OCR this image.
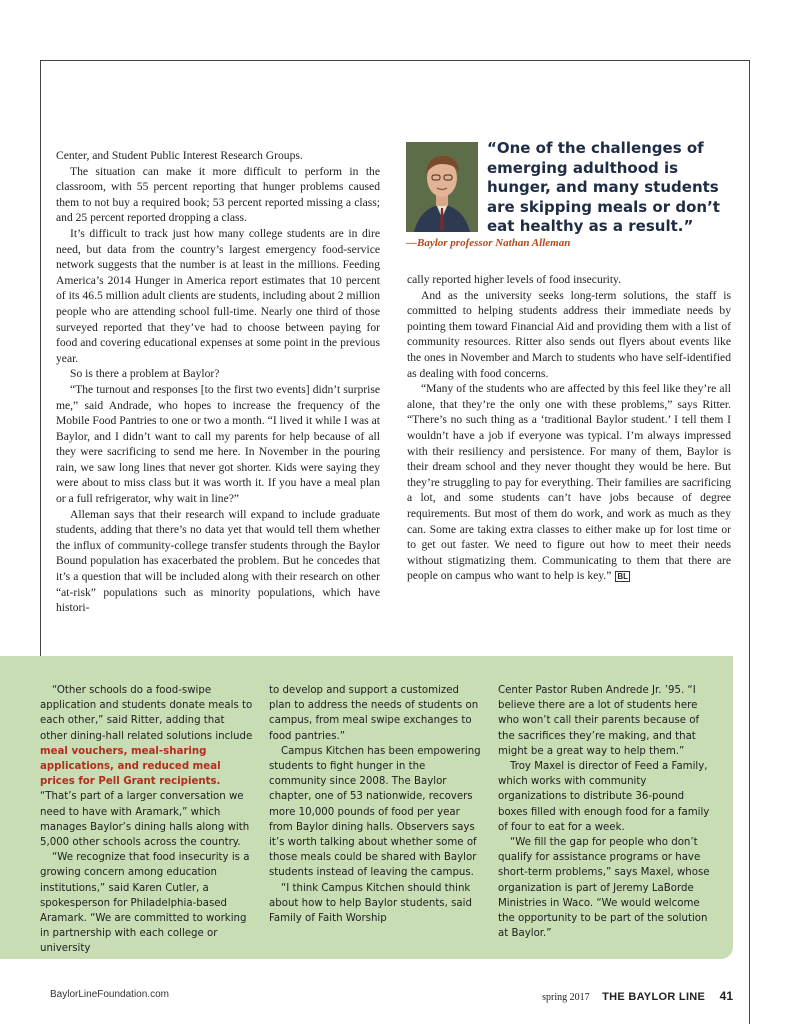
Center, and Student Public Interest Research Groups.

The situation can make it more difficult to perform in the classroom, with 55 percent reporting that hunger problems caused them to not buy a required book; 53 percent reported missing a class; and 25 percent reported dropping a class.

It’s difficult to track just how many college students are in dire need, but data from the country’s largest emergency food-service network suggests that the number is at least in the millions. Feeding America’s 2014 Hunger in America report estimates that 10 percent of its 46.5 million adult clients are students, including about 2 million people who are attending school full-time. Nearly one third of those surveyed reported that they’ve had to choose between paying for food and covering educational expenses at some point in the previous year.

So is there a problem at Baylor?

“The turnout and responses [to the first two events] didn’t surprise me,” said Andrade, who hopes to increase the frequency of the Mobile Food Pantries to one or two a month. “I lived it while I was at Baylor, and I didn’t want to call my parents for help because of all they were sacrificing to send me here. In November in the pouring rain, we saw long lines that never got shorter. Kids were saying they were about to miss class but it was worth it. If you have a meal plan or a full refrigerator, why wait in line?”

Alleman says that their research will expand to include graduate students, adding that there’s no data yet that would tell them whether the influx of community-college transfer students through the Baylor Bound population has exacerbated the problem. But he concedes that it’s a question that will be included along with their research on other “at-risk” populations such as minority populations, which have histori-

“One of the challenges of emerging adulthood is hunger, and many students are skipping meals or don’t eat healthy as a result.”
—Baylor professor Nathan Alleman

cally reported higher levels of food insecurity.

And as the university seeks long-term solutions, the staff is committed to helping students address their immediate needs by pointing them toward Financial Aid and providing them with a list of community resources. Ritter also sends out flyers about events like the ones in November and March to students who have self-identified as dealing with food concerns.

“Many of the students who are affected by this feel like they’re all alone, that they’re the only one with these problems,” says Ritter. “There’s no such thing as a ‘traditional Baylor student.’ I tell them I wouldn’t have a job if everyone was typical. I’m always impressed with their resiliency and persistence. For many of them, Baylor is their dream school and they never thought they would be here. But they’re struggling to pay for everything. Their families are sacrificing a lot, and some students can’t have jobs because of degree requirements. But most of them do work, and work as much as they can. Some are taking extra classes to either make up for lost time or to get out faster. We need to figure out how to meet their needs without stigmatizing them. Communicating to them that there are people on campus who want to help is key.” BL

“Other schools do a food-swipe application and students donate meals to each other,” said Ritter, adding that other dining-hall related solutions include meal vouchers, meal-sharing applications, and reduced meal prices for Pell Grant recipients. “That’s part of a larger conversation we need to have with Aramark,” which manages Baylor’s dining halls along with 5,000 other schools across the country.

“We recognize that food insecurity is a growing concern among education institutions,” said Karen Cutler, a spokesperson for Philadelphia-based Aramark. “We are committed to working in partnership with each college or university

to develop and support a customized plan to address the needs of students on campus, from meal swipe exchanges to food pantries.”

Campus Kitchen has been empowering students to fight hunger in the community since 2008. The Baylor chapter, one of 53 nationwide, recovers more 10,000 pounds of food per year from Baylor dining halls. Observers says it’s worth talking about whether some of those meals could be shared with Baylor students instead of leaving the campus.

“I think Campus Kitchen should think about how to help Baylor students, said Family of Faith Worship

Center Pastor Ruben Andrede Jr. ’95. “I believe there are a lot of students here who won’t call their parents because of the sacrifices they’re making, and that might be a great way to help them.”

Troy Maxel is director of Feed a Family, which works with community organizations to distribute 36-pound boxes filled with enough food for a family of four to eat for a week.

“We fill the gap for people who don’t qualify for assistance programs or have short-term problems,” says Maxel, whose organization is part of Jeremy LaBorde Ministries in Waco. “We would welcome the opportunity to be part of the solution at Baylor.”

BaylorLineFoundation.com	spring 2017 THE BAYLOR LINE 41
